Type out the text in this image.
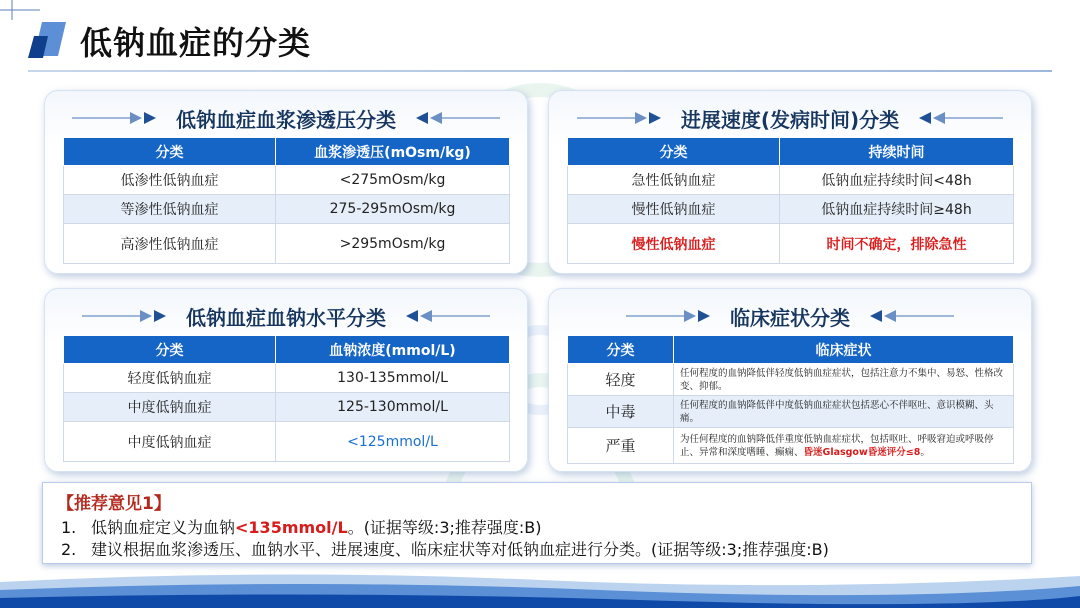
低钠血症的分类
低钠血症血浆渗透压分类
分类	血浆渗透压(mOsm/kg)
低渗性低钠血症	<275mOsm/kg
等渗性低钠血症	275-295mOsm/kg
高渗性低钠血症	>295mOsm/kg
进展速度(发病时间)分类
分类	持续时间
急性低钠血症	低钠血症持续时间<48h
慢性低钠血症	低钠血症持续时间≥48h
慢性低钠血症	时间不确定，排除急性
低钠血症血钠水平分类
分类	血钠浓度(mmol/L)
轻度低钠血症	130-135mmol/L
中度低钠血症	125-130mmol/L
中度低钠血症	<125mmol/L
临床症状分类
分类	临床症状
轻度	任何程度的血钠降低伴轻度低钠血症症状，包括注意力不集中、易怒、性格改变、抑郁。
中毒	任何程度的血钠降低伴中度低钠血症症状包括恶心不伴呕吐、意识模糊、头痛。
严重	为任何程度的血钠降低伴重度低钠血症症状，包括呕吐、呼吸窘迫或呼吸停止、异常和深度嗜睡、癫痫、昏迷Glasgow昏迷评分≤8。
【推荐意见1】
1. 低钠血症定义为血钠<135mmol/L。(证据等级:3;推荐强度:B)
2. 建议根据血浆渗透压、血钠水平、进展速度、临床症状等对低钠血症进行分类。(证据等级:3;推荐强度:B)
